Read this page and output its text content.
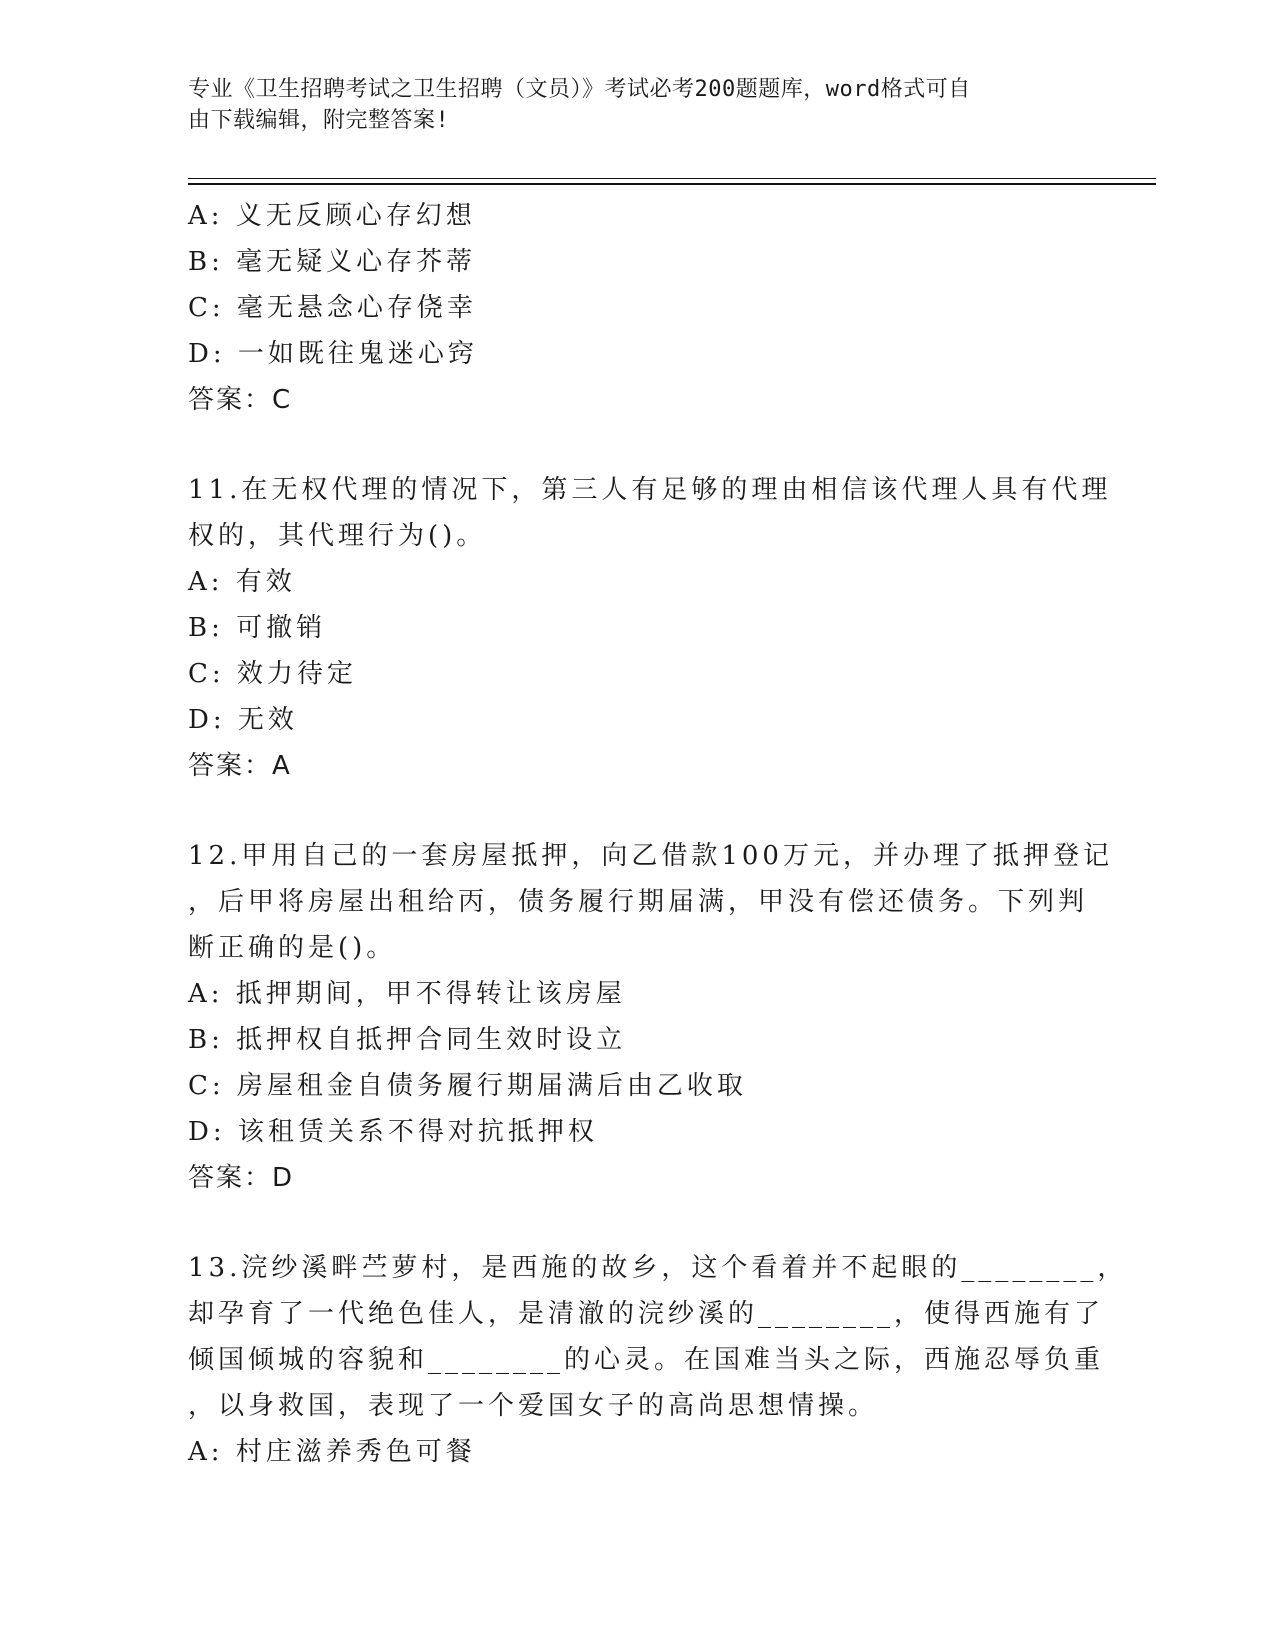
专业《卫生招聘考试之卫生招聘（文员）》考试必考200题题库，word格式可自
由下载编辑，附完整答案!
A: 义无反顾心存幻想
B: 毫无疑义心存芥蒂
C: 毫无悬念心存侥幸
D: 一如既往鬼迷心窍
答案：C
11.在无权代理的情况下，第三人有足够的理由相信该代理人具有代理
权的，其代理行为()。
A: 有效
B: 可撤销
C: 效力待定
D: 无效
答案：A
12.甲用自己的一套房屋抵押，向乙借款100万元，并办理了抵押登记
，后甲将房屋出租给丙，债务履行期届满，甲没有偿还债务。下列判
断正确的是()。
A: 抵押期间，甲不得转让该房屋
B: 抵押权自抵押合同生效时设立
C: 房屋租金自债务履行期届满后由乙收取
D: 该租赁关系不得对抗抵押权
答案：D
13.浣纱溪畔苎萝村，是西施的故乡，这个看着并不起眼的________，
却孕育了一代绝色佳人，是清澈的浣纱溪的________，使得西施有了
倾国倾城的容貌和________的心灵。在国难当头之际，西施忍辱负重
，以身救国，表现了一个爱国女子的高尚思想情操。
A: 村庄滋养秀色可餐
